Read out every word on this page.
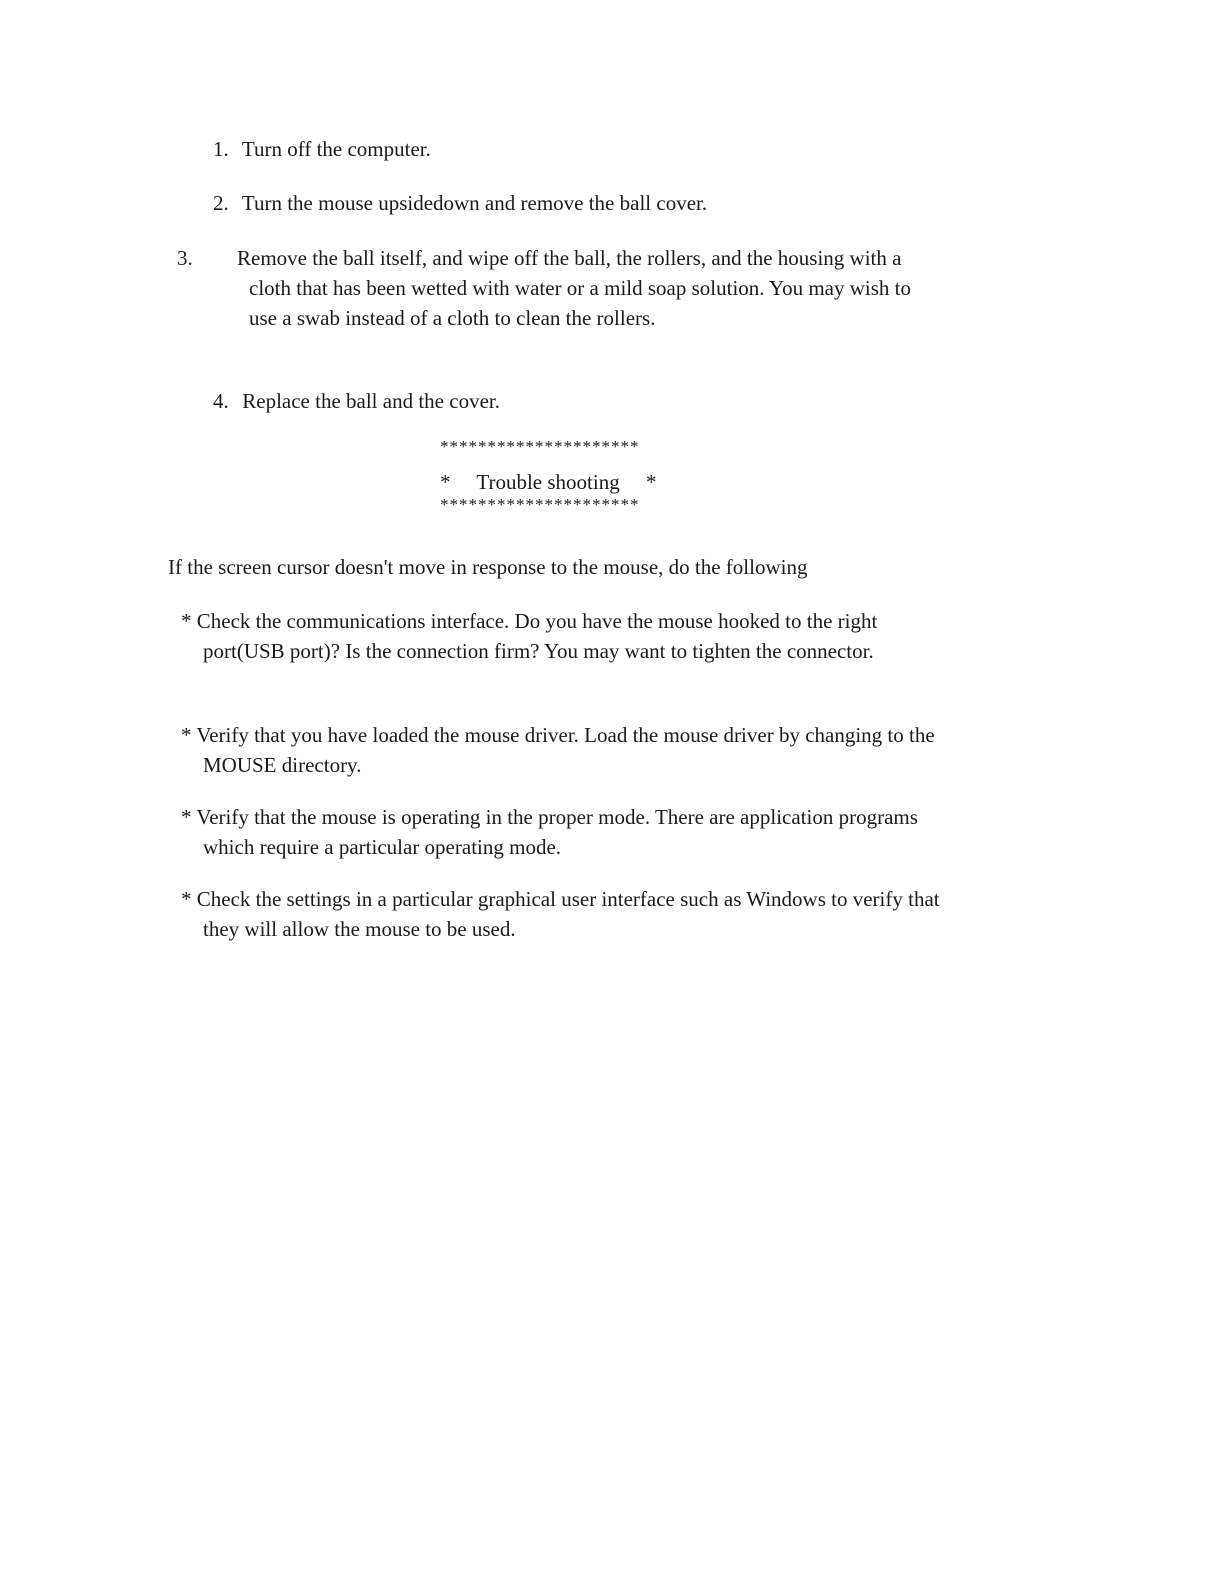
1. Turn off the computer.
2. Turn the mouse upsidedown and remove the ball cover.
3. Remove the ball itself, and wipe off the ball, the rollers, and the housing with a cloth that has been wetted with water or a mild soap solution. You may wish to use a swab instead of a cloth to clean the rollers.
4. Replace the ball and the cover.
*********************
*     Trouble shooting     *
*********************

If the screen cursor doesn't move in response to the mouse, do the following

* Check the communications interface. Do you have the mouse hooked to the right port(USB port)? Is the connection firm? You may want to tighten the connector.

* Verify that you have loaded the mouse driver. Load the mouse driver by changing to the MOUSE directory.

* Verify that the mouse is operating in the proper mode. There are application programs which require a particular operating mode.

* Check the settings in a particular graphical user interface such as Windows to verify that they will allow the mouse to be used.
